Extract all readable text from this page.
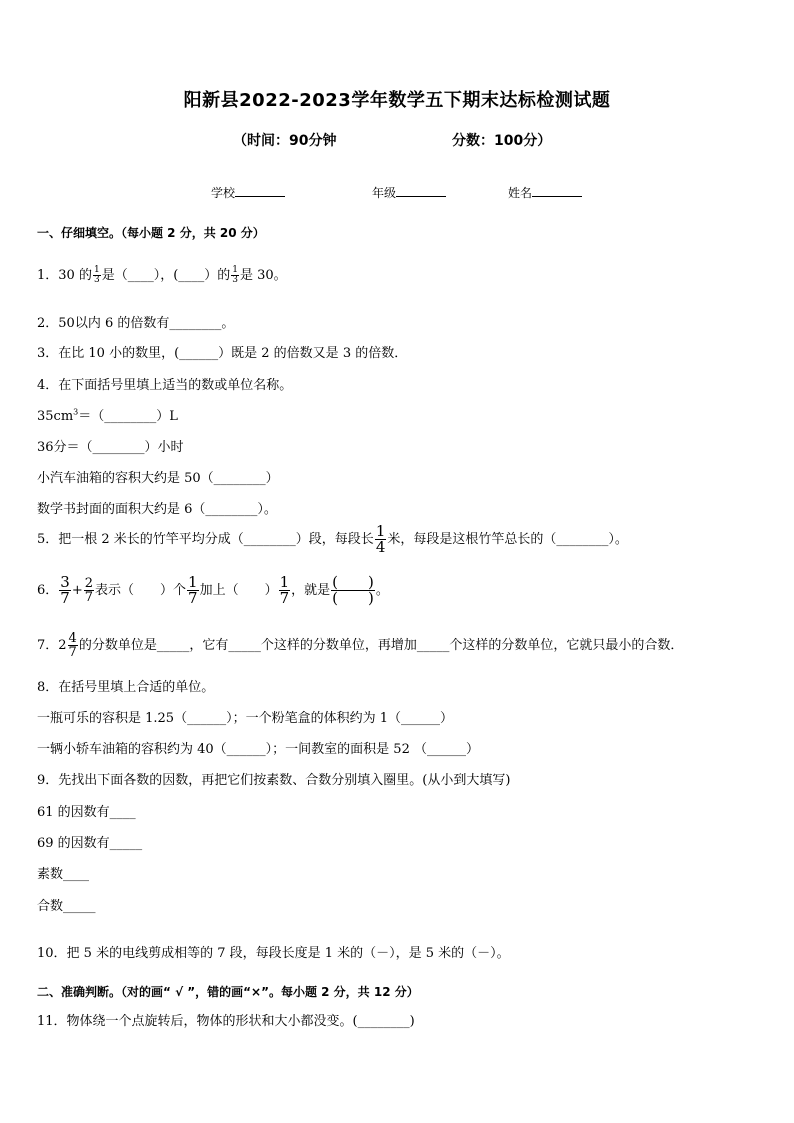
阳新县2022-2023学年数学五下期末达标检测试题
（时间：90分钟	分数：100分）
学校	年级	姓名
一、仔细填空。（每小题 2 分，共 20 分）
1．30 的 $\frac{1}{3}$ 是（____），(____）的 $\frac{1}{3}$ 是 30。
2．50以内 6 的倍数有________。
3．在比 10 小的数里，(______）既是 2 的倍数又是 3 的倍数．
4．在下面括号里填上适当的数或单位名称。
$35cm^3=(\_\_\_\_\_\_\_\_)L$
36分＝（________）小时
小汽车油箱的容积大约是 50（________）
数学书封面的面积大约是 6（________）。
5．把一根 2 米长的竹竿平均分成（________）段，每段长 $\frac{1}{4}$ 米，每段是这根竹竿总长的（________）。
6． $\frac{3}{7} + \frac{2}{7}$ 表示（　　）个 $\frac{1}{7}$ 加上（　　） $\frac{1}{7}$ ，就是 $\frac{( )}{( )}$ 。
7．$2 \frac{4}{7}$ 的分数单位是_____，它有_____个这样的分数单位，再增加_____个这样的分数单位，它就只最小的合数．
8．在括号里填上合适的单位。
一瓶可乐的容积是 1.25（______）；一个粉笔盒的体积约为 1（______）
一辆小轿车油箱的容积约为 40（______）；一间教室的面积是 52 （______）
9．先找出下面各数的因数，再把它们按素数、合数分别填入圈里。(从小到大填写)
61 的因数有____
69 的因数有_____
素数____
合数_____
10．把 5 米的电线剪成相等的 7 段，每段长度是 1 米的（－），是 5 米的（－）。
二、准确判断。（对的画“ √ ”，错的画“×”。每小题 2 分，共 12 分）
11．物体绕一个点旋转后，物体的形状和大小都没变。(________)
